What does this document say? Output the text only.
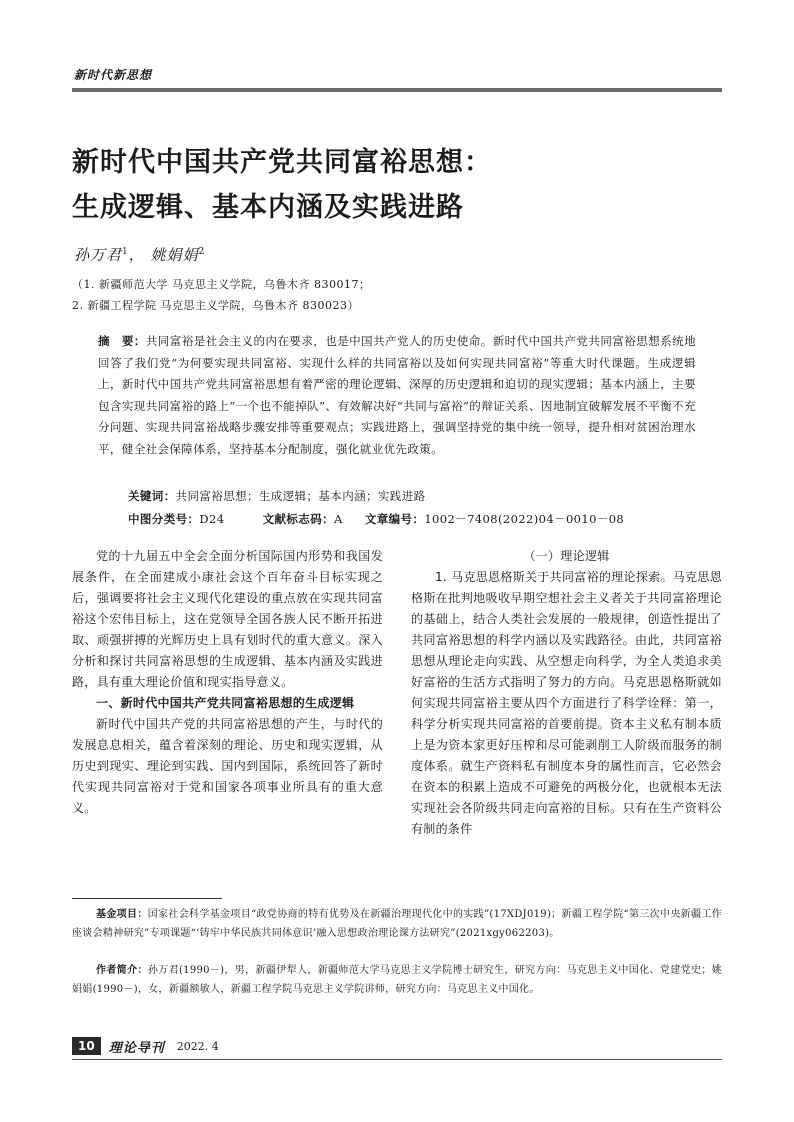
新时代新思想
新时代中国共产党共同富裕思想：
生成逻辑、基本内涵及实践进路
孙万君$^1$， 姚娟娟$^2$
（1. 新疆师范大学 马克思主义学院，乌鲁木齐 830017；
2. 新疆工程学院 马克思主义学院，乌鲁木齐 830023）
摘　要：共同富裕是社会主义的内在要求，也是中国共产党人的历史使命。新时代中国共产党共同富裕思想系统地回答了我们党“为何要实现共同富裕、实现什么样的共同富裕以及如何实现共同富裕”等重大时代课题。生成逻辑上，新时代中国共产党共同富裕思想有着严密的理论逻辑、深厚的历史逻辑和迫切的现实逻辑；基本内涵上，主要包含实现共同富裕的路上“一个也不能掉队”、有效解决好“共同与富裕”的辩证关系、因地制宜破解发展不平衡不充分问题、实现共同富裕战略步骤安排等重要观点；实践进路上，强调坚持党的集中统一领导，提升相对贫困治理水平，健全社会保障体系，坚持基本分配制度，强化就业优先政策。
关键词：共同富裕思想；生成逻辑；基本内涵；实践进路
中图分类号：D24	文献标志码：A 文章编号：1002－7408(2022)04－0010－08

党的十九届五中全会全面分析国际国内形势和我国发展条件，在全面建成小康社会这个百年奋斗目标实现之后，强调要将社会主义现代化建设的重点放在实现共同富裕这个宏伟目标上，这在党领导全国各族人民不断开拓进取、顽强拼搏的光辉历史上具有划时代的重大意义。深入分析和探讨共同富裕思想的生成逻辑、基本内涵及实践进路，具有重大理论价值和现实指导意义。

一、新时代中国共产党共同富裕思想的生成逻辑

新时代中国共产党的共同富裕思想的产生，与时代的发展息息相关，蕴含着深刻的理论、历史和现实逻辑，从历史到现实、理论到实践、国内到国际，系统回答了新时代实现共同富裕对于党和国家各项事业所具有的重大意义。

（一）理论逻辑

1. 马克思恩格斯关于共同富裕的理论探索。马克思恩格斯在批判地吸收早期空想社会主义者关于共同富裕理论的基础上，结合人类社会发展的一般规律，创造性提出了共同富裕思想的科学内涵以及实践路径。由此，共同富裕思想从理论走向实践、从空想走向科学，为全人类追求美好富裕的生活方式指明了努力的方向。马克思恩格斯就如何实现共同富裕主要从四个方面进行了科学诠释：第一，科学分析实现共同富裕的首要前提。资本主义私有制本质上是为资本家更好压榨和尽可能剥削工人阶级而服务的制度体系。就生产资料私有制度本身的属性而言，它必然会在资本的积累上造成不可避免的两极分化，也就根本无法实现社会各阶级共同走向富裕的目标。只有在生产资料公有制的条件

基金项目：国家社会科学基金项目“政党协商的特有优势及在新疆治理现代化中的实践”(17XDJ019)；新疆工程学院“第三次中央新疆工作座谈会精神研究”专项课题“‘铸牢中华民族共同体意识’融入思想政治理论课方法研究”(2021xgy062203)。
作者简介：孙万君(1990－)，男，新疆伊犁人，新疆师范大学马克思主义学院博士研究生，研究方向：马克思主义中国化、党建党史；姚娟娟(1990－)，女，新疆额敏人，新疆工程学院马克思主义学院讲师，研究方向：马克思主义中国化。
10	理论导刊 2022. 4
